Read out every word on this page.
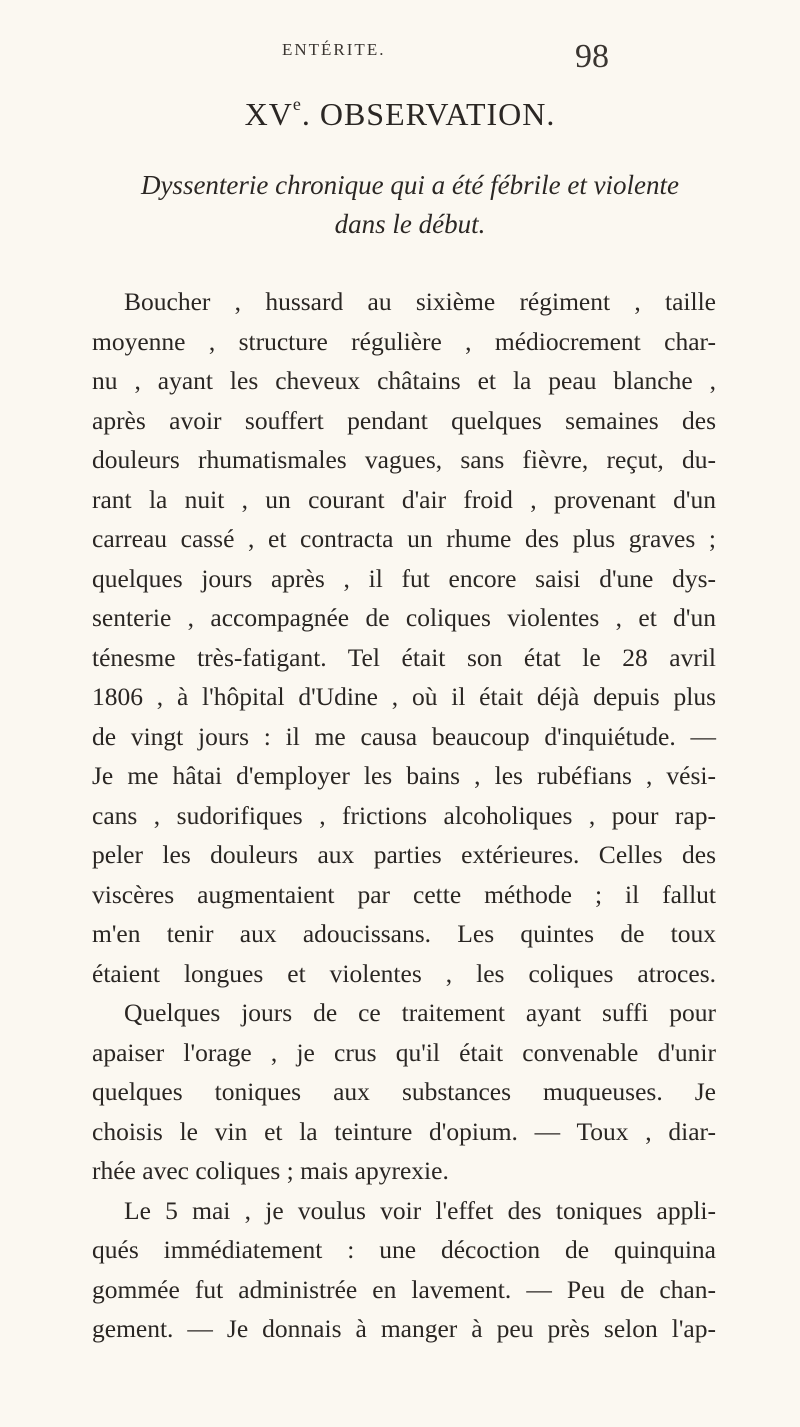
ENTÉRITE.	98
XVe. OBSERVATION.
Dyssenterie chronique qui a été fébrile et violente
dans le début.
Boucher , hussard au sixième régiment , taille
moyenne , structure régulière , médiocrement char-
nu , ayant les cheveux châtains et la peau blanche ,
après avoir souffert pendant quelques semaines des
douleurs rhumatismales vagues, sans fièvre, reçut, du-
rant la nuit , un courant d'air froid , provenant d'un
carreau cassé , et contracta un rhume des plus graves ;
quelques jours après , il fut encore saisi d'une dys-
senterie , accompagnée de coliques violentes , et d'un
ténesme très-fatigant. Tel était son état le 28 avril
1806 , à l'hôpital d'Udine , où il était déjà depuis plus
de vingt jours : il me causa beaucoup d'inquiétude. —
Je me hâtai d'employer les bains , les rubéfians , vési-
cans , sudorifiques , frictions alcoholiques , pour rap-
peler les douleurs aux parties extérieures. Celles des
viscères augmentaient par cette méthode ; il fallut
m'en tenir aux adoucissans. Les quintes de toux
étaient longues et violentes , les coliques atroces.
Quelques jours de ce traitement ayant suffi pour
apaiser l'orage , je crus qu'il était convenable d'unir
quelques toniques aux substances muqueuses. Je
choisis le vin et la teinture d'opium. — Toux , diar-
rhée avec coliques ; mais apyrexie.
Le 5 mai , je voulus voir l'effet des toniques appli-
qués immédiatement : une décoction de quinquina
gommée fut administrée en lavement. — Peu de chan-
gement. — Je donnais à manger à peu près selon l'ap-
